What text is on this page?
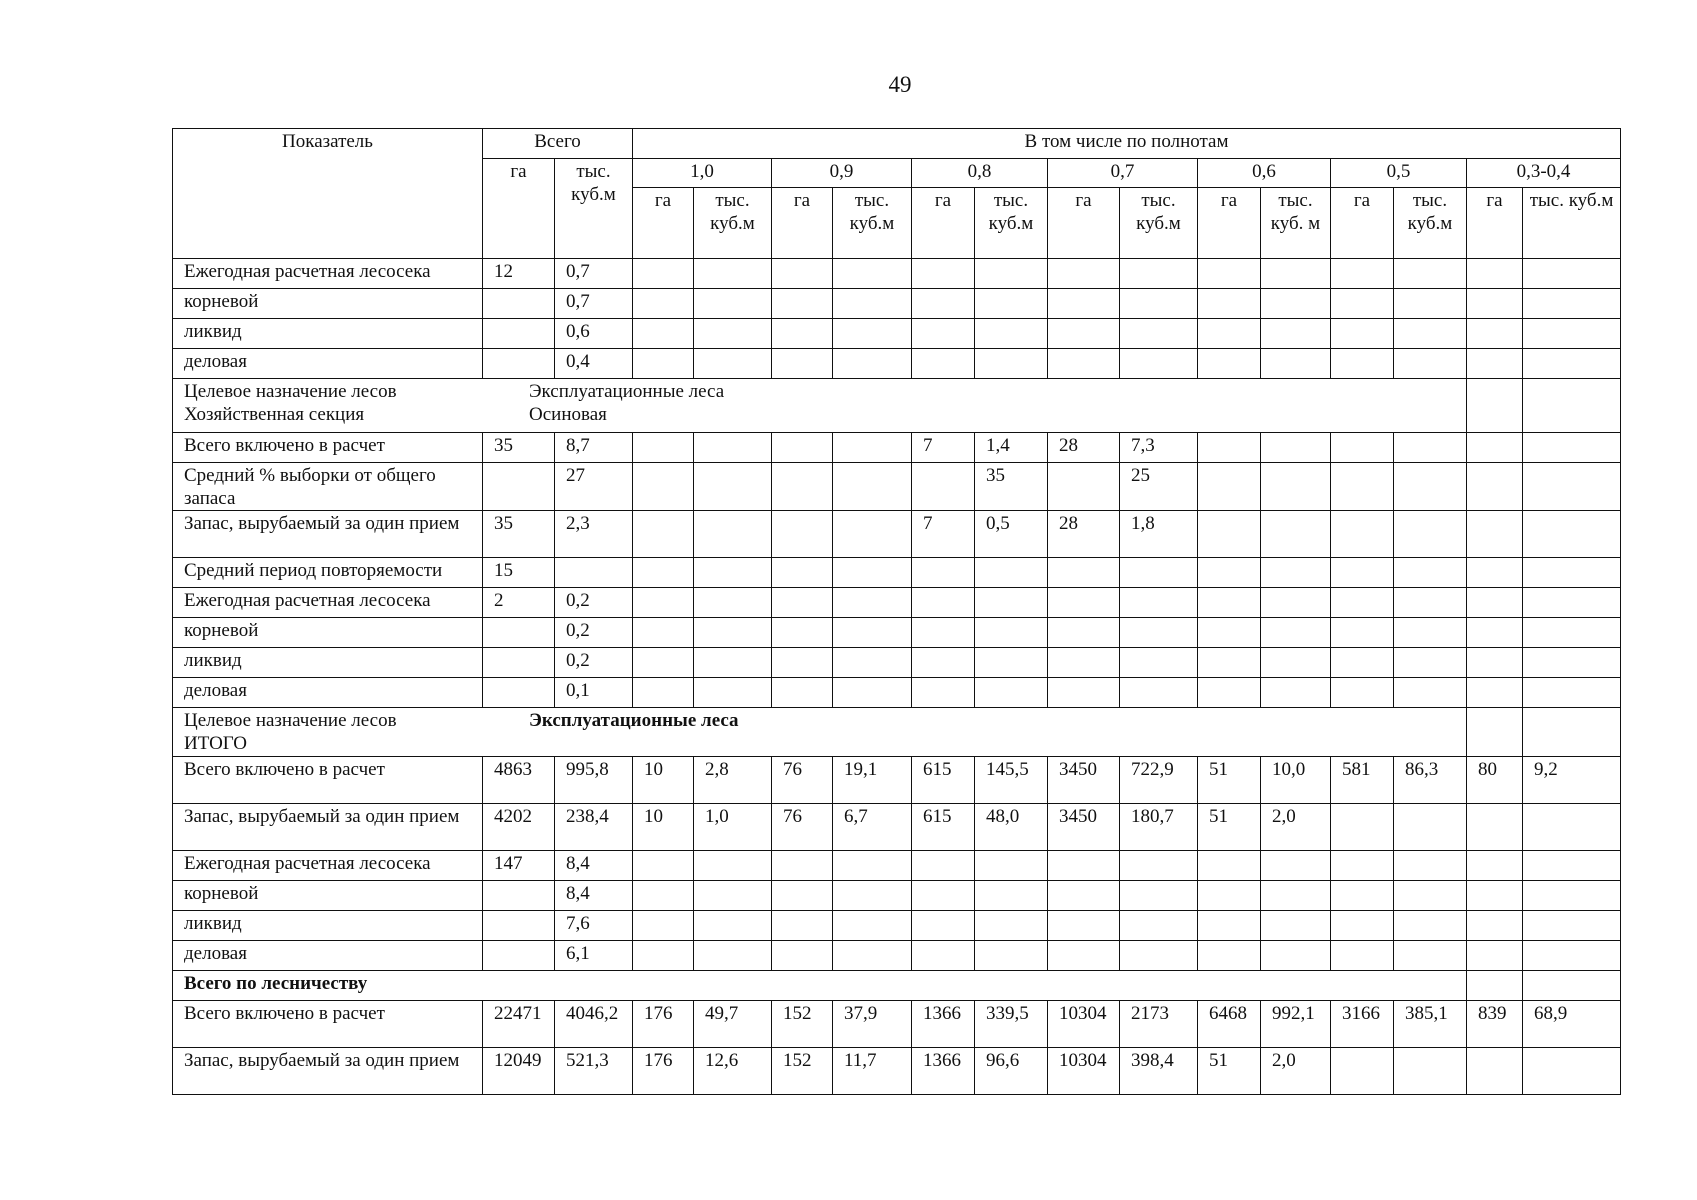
49
Показатель	Всего		В том числе по полнотам													
	га	тыс. куб.м	1,0		0,9		0,8		0,7		0,6		0,5		0,3-0,4	
			га	тыс. куб.м	га	тыс. куб.м	га	тыс. куб.м	га	тыс. куб.м	га	тыс. куб. м	га	тыс. куб.м	га	тыс. куб.м
Ежегодная расчетная лесосека	12	0,7														
корневой		0,7														
ликвид		0,6														
деловая		0,4														

Целевое назначение лесов Эксплуатационные леса
Хозяйственная секция Осиновая																

Всего включено в расчет	35	8,7					7	1,4	28	7,3						
Средний % выборки от общего запаса		27						35		25						
Запас, вырубаемый за один прием	35	2,3					7	0,5	28	1,8						
Средний период повторяемости	15															
Ежегодная расчетная лесосека	2	0,2														
корневой		0,2														
ликвид		0,2														
деловая		0,1														

Целевое назначение лесов Эксплуатационные леса
ИТОГО																

Всего включено в расчет	4863	995,8	10	2,8	76	19,1	615	145,5	3450	722,9	51	10,0	581	86,3	80	9,2
Запас, вырубаемый за один прием	4202	238,4	10	1,0	76	6,7	615	48,0	3450	180,7	51	2,0				
Ежегодная расчетная лесосека	147	8,4														
корневой		8,4														
ликвид		7,6														
деловая		6,1														
Всего по лесничеству																
Всего включено в расчет	22471	4046,2	176	49,7	152	37,9	1366	339,5	10304	2173	6468	992,1	3166	385,1	839	68,9
Запас, вырубаемый за один прием	12049	521,3	176	12,6	152	11,7	1366	96,6	10304	398,4	51	2,0				
